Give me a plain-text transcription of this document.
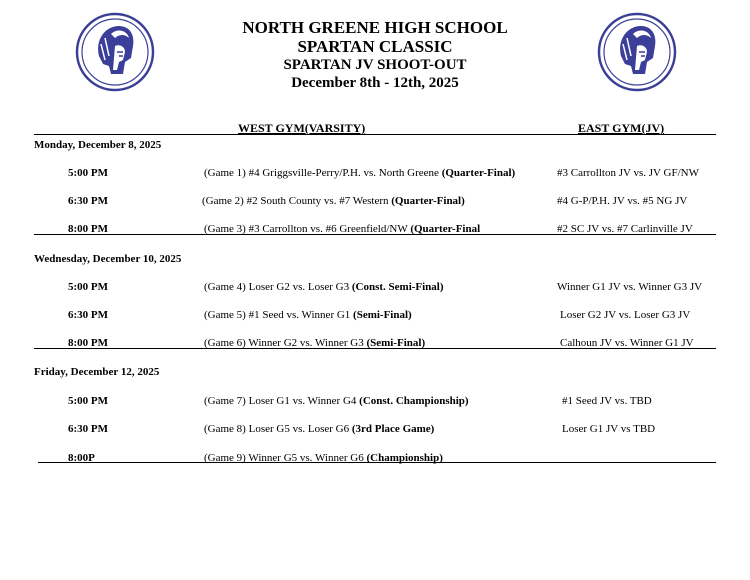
NORTH GREENE HIGH SCHOOL
SPARTAN CLASSIC
SPARTAN JV SHOOT-OUT
December 8th - 12th, 2025
WEST GYM(VARSITY)	EAST GYM(JV)
Monday, December 8, 2025
5:00 PM	(Game 1) #4 Griggsville-Perry/P.H. vs. North Greene (Quarter-Final)	#3 Carrollton JV vs. JV GF/NW
6:30 PM	(Game 2) #2 South County vs. #7 Western (Quarter-Final)	#4 G-P/P.H. JV vs. #5 NG JV
8:00 PM	(Game 3) #3 Carrollton vs. #6 Greenfield/NW (Quarter-Final	#2 SC JV vs. #7 Carlinville JV
Wednesday, December 10, 2025
5:00 PM	(Game 4) Loser G2 vs. Loser G3 (Const. Semi-Final)	Winner G1 JV vs. Winner G3 JV
6:30 PM	(Game 5) #1 Seed vs. Winner G1 (Semi-Final)	Loser G2 JV vs. Loser G3 JV
8:00 PM	(Game 6) Winner G2 vs. Winner G3 (Semi-Final)	Calhoun JV vs. Winner G1 JV
Friday, December 12, 2025
5:00 PM	(Game 7) Loser G1 vs. Winner G4 (Const. Championship)	#1 Seed JV vs. TBD
6:30 PM	(Game 8) Loser G5 vs. Loser G6 (3rd Place Game)	Loser G1 JV vs TBD
8:00P	(Game 9) Winner G5 vs. Winner G6 (Championship)
